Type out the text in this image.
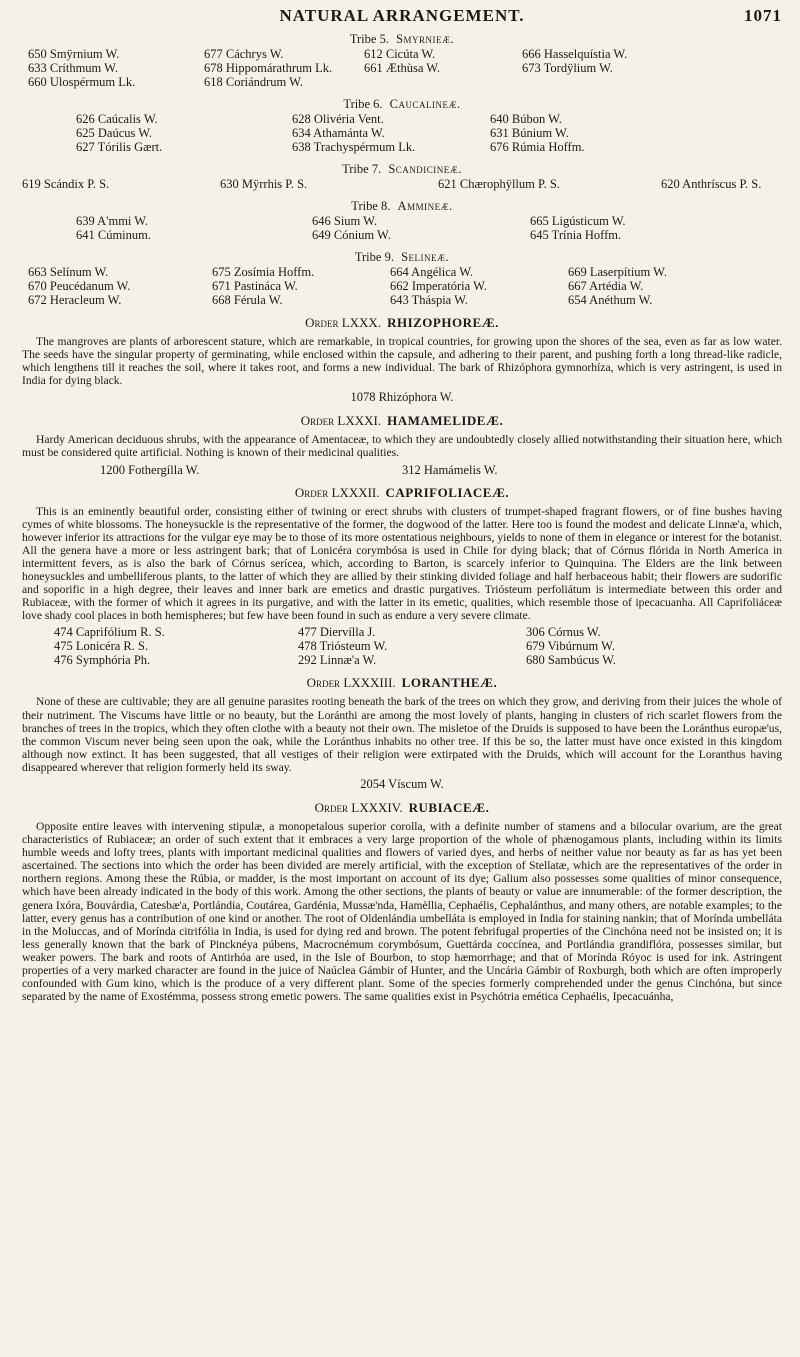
NATURAL ARRANGEMENT.	1071
Tribe 5. Smyrnieæ.
650 Smÿrnium W.	677 Cáchrys W.	612 Cicúta W.	666 Hasselquístia W.
633 Críthmum W.	678 Hippomárathrum Lk.	661 Æthùsa W.	673 Tordÿlium W.
660 Ulospérmum Lk.	618 Coriándrum W.
Tribe 6. Caucalineæ.
626 Caúcalis W.	628 Olivéria Vent.	640 Búbon W.
625 Daúcus W.	634 Athamánta W.	631 Búnium W.
627 Tórilis Gært.	638 Trachyspérmum Lk.	676 Rúmia Hoffm.
Tribe 7. Scandicineæ.
619 Scándix P. S.	630 Mÿrrhis P. S.	621 Chærophÿllum P. S.	620 Anthríscus P. S.
Tribe 8. Ammineæ.
639 A'mmi W.	646 Sium W.	665 Ligústicum W.
641 Cúminum.	649 Cónium W.	645 Trínia Hoffm.
Tribe 9. Selineæ.
663 Selínum W.	675 Zosímia Hoffm.	664 Angélica W.	669 Laserpítium W.
670 Peucédanum W.	671 Pastináca W.	662 Imperatória W.	667 Artédia W.
672 Heracleum W.	668 Férula W.	643 Tháspia W.	654 Anéthum W.
Order LXXX. RHIZOPHOREÆ.

The mangroves are plants of arborescent stature, which are remarkable, in tropical countries, for growing upon the shores of the sea, even as far as low water. The seeds have the singular property of germinating, while enclosed within the capsule, and adhering to their parent, and pushing forth a long thread-like radicle, which lengthens till it reaches the soil, where it takes root, and forms a new individual. The bark of Rhizóphora gymnorhíza, which is very astringent, is used in India for dying black.

1078 Rhizóphora W.
Order LXXXI. HAMAMELIDEÆ.

Hardy American deciduous shrubs, with the appearance of Amentaceæ, to which they are undoubtedly closely allied notwithstanding their situation here, which must be considered quite artificial. Nothing is known of their medicinal qualities.

1200 Fothergílla W.	312 Hamámelis W.
Order LXXXII. CAPRIFOLIACEÆ.

This is an eminently beautiful order, consisting either of twining or erect shrubs with clusters of trumpet-shaped fragrant flowers, or of fine bushes having cymes of white blossoms. The honeysuckle is the representative of the former, the dogwood of the latter. Here too is found the modest and delicate Linnæ'a, which, however inferior its attractions for the vulgar eye may be to those of its more ostentatious neighbours, yields to none of them in elegance or interest for the botanist. All the genera have a more or less astringent bark; that of Lonicéra corymbósa is used in Chile for dying black; that of Córnus flórida in North America in intermittent fevers, as is also the bark of Córnus serícea, which, according to Barton, is scarcely inferior to Quinquina. The Elders are the link between honeysuckles and umbelliferous plants, to the latter of which they are allied by their stinking divided foliage and half herbaceous habit; their flowers are sudorific and soporific in a high degree, their leaves and inner bark are emetics and drastic purgatives. Triósteum perfoliátum is intermediate between this order and Rubiaceæ, with the former of which it agrees in its purgative, and with the latter in its emetic, qualities, which resemble those of ipecacuanha. All Caprifoliáceæ love shady cool places in both hemispheres; but few have been found in such as endure a very severe climate.

474 Caprifólium R. S.	477 Diervílla J.	306 Córnus W.
475 Lonicéra R. S.	478 Triósteum W.	679 Vibúrnum W.
476 Symphória Ph.	292 Linnæ'a W.	680 Sambúcus W.
Order LXXXIII. LORANTHEÆ.

None of these are cultivable; they are all genuine parasites rooting beneath the bark of the trees on which they grow, and deriving from their juices the whole of their nutriment. The Viscums have little or no beauty, but the Loránthi are among the most lovely of plants, hanging in clusters of rich scarlet flowers from the branches of trees in the tropics, which they often clothe with a beauty not their own. The misletoe of the Druids is supposed to have been the Loránthus europæ'us, the common Viscum never being seen upon the oak, while the Loránthus inhabits no other tree. If this be so, the latter must have once existed in this kingdom although now extinct. It has been suggested, that all vestiges of their religion were extirpated with the Druids, which will account for the Loranthus having disappeared wherever that religion formerly held its sway.

2054 Víscum W.
Order LXXXIV. RUBIACEÆ.

Opposite entire leaves with intervening stipulæ, a monopetalous superior corolla, with a definite number of stamens and a bilocular ovarium, are the great characteristics of Rubiaceæ; an order of such extent that it embraces a very large proportion of the whole of phænogamous plants, including within its limits humble weeds and lofty trees, plants with important medicinal qualities and flowers of varied dyes, and herbs of neither value nor beauty as far as has yet been ascertained. The sections into which the order has been divided are merely artificial, with the exception of Stellatæ, which are the representatives of the order in northern regions. Among these the Rúbia, or madder, is the most important on account of its dye; Galium also possesses some qualities of minor consequence, which have been already indicated in the body of this work. Among the other sections, the plants of beauty or value are innumerable: of the former description, the genera Ixóra, Bouvárdia, Catesbæ'a, Portlándia, Coutárea, Gardénia, Mussæ'nda, Hamèllia, Cephaélis, Cephalánthus, and many others, are notable examples; to the latter, every genus has a contribution of one kind or another. The root of Oldenlándia umbelláta is employed in India for staining nankin; that of Morínda umbelláta in the Moluccas, and of Morínda citrifólia in India, is used for dying red and brown. The potent febrifugal properties of the Cinchóna need not be insisted on; it is less generally known that the bark of Pincknéya púbens, Macrocnémum corymbósum, Guettárda coccínea, and Portlándia grandiflóra, possesses similar, but weaker powers. The bark and roots of Antirhóa are used, in the Isle of Bourbon, to stop hæmorrhage; and that of Morínda Róyoc is used for ink. Astringent properties of a very marked character are found in the juice of Naúclea Gámbir of Hunter, and the Uncária Gámbir of Roxburgh, both which are often improperly confounded with Gum kino, which is the produce of a very different plant. Some of the species formerly comprehended under the genus Cinchóna, but since separated by the name of Exostémma, possess strong emetic powers. The same qualities exist in Psychótria emética Cephaélis, Ipecacuánha,
